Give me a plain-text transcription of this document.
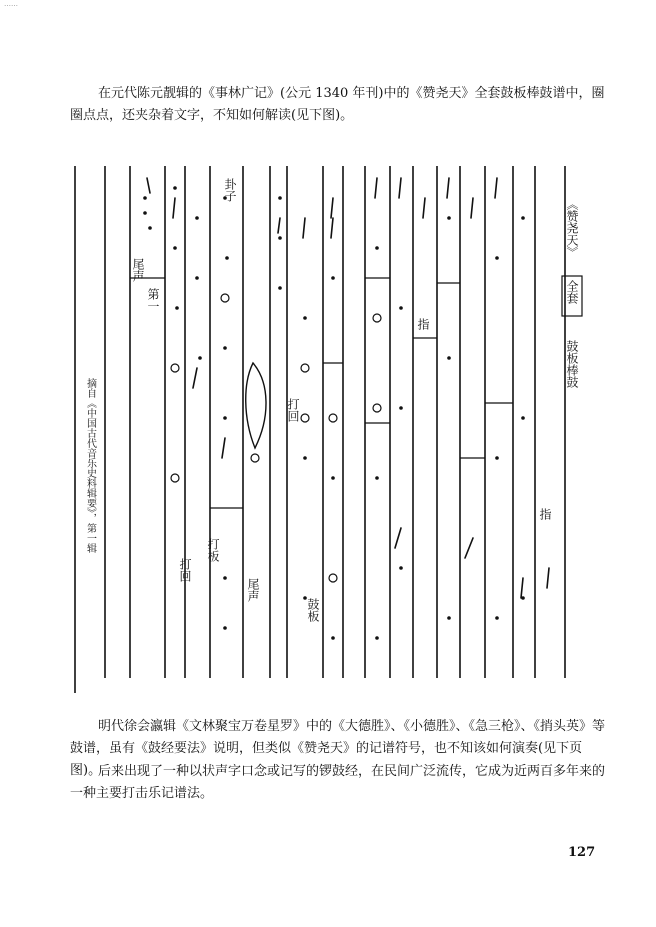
……

在元代陈元靓辑的《事林广记》(公元 1340 年刊)中的《赞尧天》全套鼓板棒鼓谱中，圈圈点点，还夹杂着文字，不知如何解读(见下图)。

《赞尧天》
全套
鼓板棒鼓
摘自《中国古代音乐史料辑要》，第一辑
尾声
第一
打回
卦子
打板
打回
尾声
鼓板
指
指

明代徐会瀛辑《文林聚宝万卷星罗》中的《大德胜》、《小德胜》、《急三枪》、《捎头英》等鼓谱，虽有《鼓经要法》说明，但类似《赞尧天》的记谱符号，也不知该如何演奏(见下页图)。

后来出现了一种以状声字口念或记写的锣鼓经，在民间广泛流传，它成为近两百多年来的一种主要打击乐记谱法。

127
